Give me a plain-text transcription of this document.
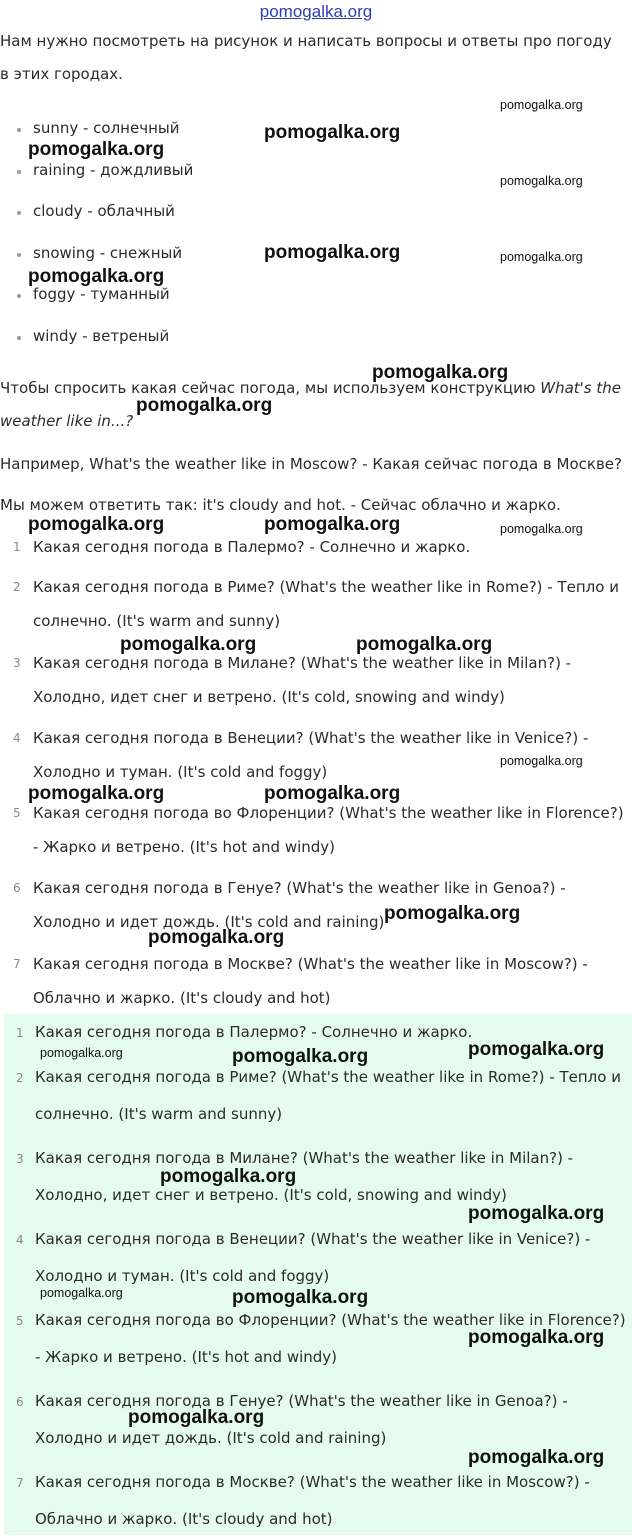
pomogalka.org

Нам нужно посмотреть на рисунок и написать вопросы и ответы про погоду в этих городах.

sunny - солнечный
raining - дождливый
cloudy - облачный
snowing - снежный
foggy - туманный
windy - ветреный

Чтобы спросить какая сейчас погода, мы используем конструкцию What's the weather like in...?

Например, What's the weather like in Moscow? - Какая сейчас погода в Москве?

Мы можем ответить так: it's cloudy and hot. - Сейчас облачно и жарко.

1 Какая сегодня погода в Палермо? - Солнечно и жарко.
2 Какая сегодня погода в Риме? (What's the weather like in Rome?) - Тепло и солнечно. (It's warm and sunny)
3 Какая сегодня погода в Милане? (What's the weather like in Milan?) - Холодно, идет снег и ветрено. (It's cold, snowing and windy)
4 Какая сегодня погода в Венеции? (What's the weather like in Venice?) - Холодно и туман. (It's cold and foggy)
5 Какая сегодня погода во Флоренции? (What's the weather like in Florence?) - Жарко и ветрено. (It's hot and windy)
6 Какая сегодня погода в Генуе? (What's the weather like in Genoa?) - Холодно и идет дождь. (It's cold and raining)
7 Какая сегодня погода в Москве? (What's the weather like in Moscow?) - Облачно и жарко. (It's cloudy and hot)
1 Какая сегодня погода в Палермо? - Солнечно и жарко.
2 Какая сегодня погода в Риме? (What's the weather like in Rome?) - Тепло и солнечно. (It's warm and sunny)
3 Какая сегодня погода в Милане? (What's the weather like in Milan?) - Холодно, идет снег и ветрено. (It's cold, snowing and windy)
4 Какая сегодня погода в Венеции? (What's the weather like in Venice?) - Холодно и туман. (It's cold and foggy)
5 Какая сегодня погода во Флоренции? (What's the weather like in Florence?) - Жарко и ветрено. (It's hot and windy)
6 Какая сегодня погода в Генуе? (What's the weather like in Genoa?) - Холодно и идет дождь. (It's cold and raining)
7 Какая сегодня погода в Москве? (What's the weather like in Moscow?) - Облачно и жарко. (It's cloudy and hot)
pomogalka.org
pomogalka.org
pomogalka.org
pomogalka.org
pomogalka.org	pomogalka.org
pomogalka.org
pomogalka.org
pomogalka.org
pomogalka.org	pomogalka.org	pomogalka.org
pomogalka.org	pomogalka.org
pomogalka.org
pomogalka.org	pomogalka.org
pomogalka.org
pomogalka.org
pomogalka.org
pomogalka.org	pomogalka.org
pomogalka.org
pomogalka.org
pomogalka.org	pomogalka.org
pomogalka.org
pomogalka.org
pomogalka.org
